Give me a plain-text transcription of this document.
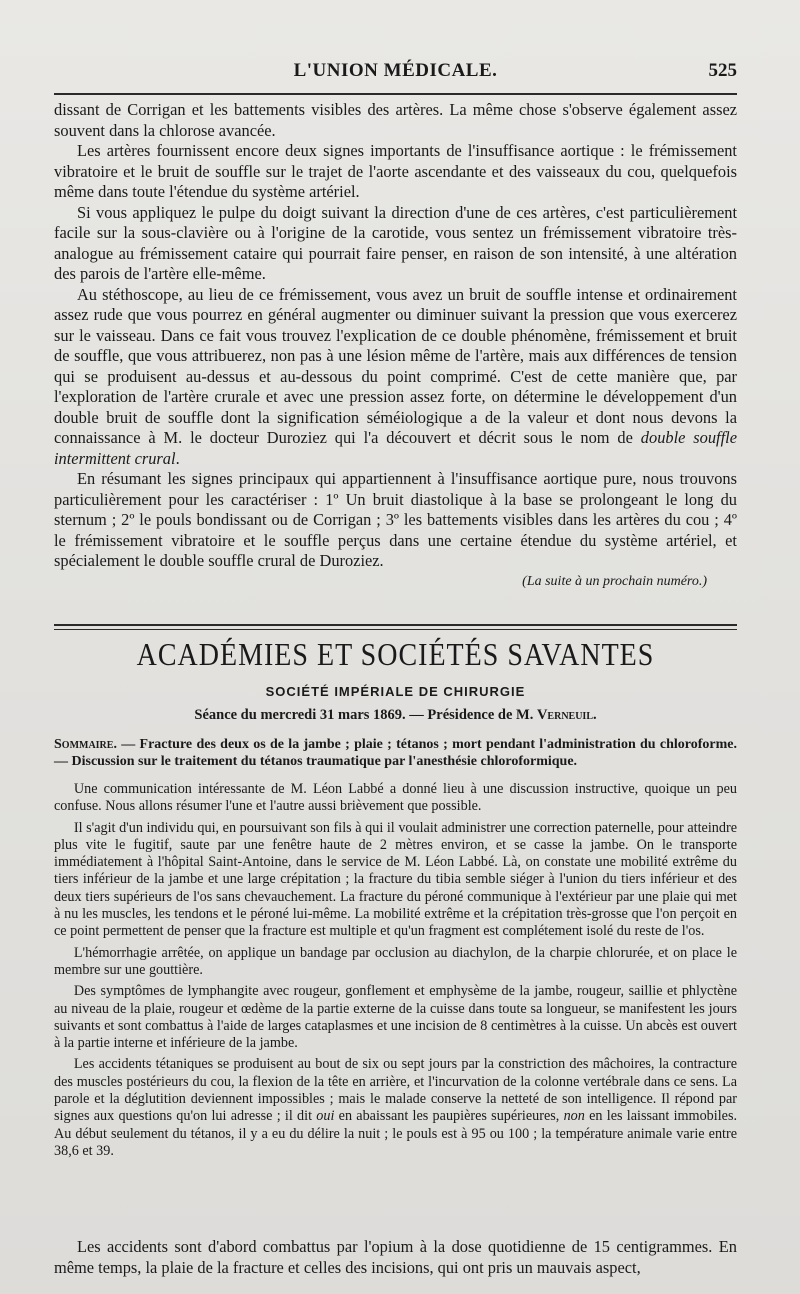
L'UNION MÉDICALE.	525

dissant de Corrigan et les battements visibles des artères. La même chose s'observe également assez souvent dans la chlorose avancée.

Les artères fournissent encore deux signes importants de l'insuffisance aortique : le frémissement vibratoire et le bruit de souffle sur le trajet de l'aorte ascendante et des vaisseaux du cou, quelquefois même dans toute l'étendue du système artériel.

Si vous appliquez le pulpe du doigt suivant la direction d'une de ces artères, c'est particulièrement facile sur la sous-clavière ou à l'origine de la carotide, vous sentez un frémissement vibratoire très-analogue au frémissement cataire qui pourrait faire penser, en raison de son intensité, à une altération des parois de l'artère elle-même.

Au stéthoscope, au lieu de ce frémissement, vous avez un bruit de souffle intense et ordinairement assez rude que vous pourrez en général augmenter ou diminuer suivant la pression que vous exercerez sur le vaisseau. Dans ce fait vous trouvez l'explication de ce double phénomène, frémissement et bruit de souffle, que vous attribuerez, non pas à une lésion même de l'artère, mais aux différences de tension qui se produisent au-dessus et au-dessous du point comprimé. C'est de cette manière que, par l'exploration de l'artère crurale et avec une pression assez forte, on détermine le développement d'un double bruit de souffle dont la signification séméiologique a de la valeur et dont nous devons la connaissance à M. le docteur Duroziez qui l'a découvert et décrit sous le nom de double souffle intermittent crural.

En résumant les signes principaux qui appartiennent à l'insuffisance aortique pure, nous trouvons particulièrement pour les caractériser : 1º Un bruit diastolique à la base se prolongeant le long du sternum ; 2º le pouls bondissant ou de Corrigan ; 3º les battements visibles dans les artères du cou ; 4º le frémissement vibratoire et le souffle perçus dans une certaine étendue du système artériel, et spécialement le double souffle crural de Duroziez.

(La suite à un prochain numéro.)
ACADÉMIES ET SOCIÉTÉS SAVANTES
SOCIÉTÉ IMPÉRIALE DE CHIRURGIE
Séance du mercredi 31 mars 1869. — Présidence de M. Verneuil.
Sommaire. — Fracture des deux os de la jambe ; plaie ; tétanos ; mort pendant l'administration du chloroforme. — Discussion sur le traitement du tétanos traumatique par l'anesthésie chloroformique.

Une communication intéressante de M. Léon Labbé a donné lieu à une discussion instructive, quoique un peu confuse. Nous allons résumer l'une et l'autre aussi brièvement que possible.

Il s'agit d'un individu qui, en poursuivant son fils à qui il voulait administrer une correction paternelle, pour atteindre plus vite le fugitif, saute par une fenêtre haute de 2 mètres environ, et se casse la jambe. On le transporte immédiatement à l'hôpital Saint-Antoine, dans le service de M. Léon Labbé. Là, on constate une mobilité extrême du tiers inférieur de la jambe et une large crépitation ; la fracture du tibia semble siéger à l'union du tiers inférieur et des deux tiers supérieurs de l'os sans chevauchement. La fracture du péroné communique à l'extérieur par une plaie qui met à nu les muscles, les tendons et le péroné lui-même. La mobilité extrême et la crépitation très-grosse que l'on perçoit en ce point permettent de penser que la fracture est multiple et qu'un fragment est complétement isolé du reste de l'os.

L'hémorrhagie arrêtée, on applique un bandage par occlusion au diachylon, de la charpie chlorurée, et on place le membre sur une gouttière.

Des symptômes de lymphangite avec rougeur, gonflement et emphysème de la jambe, rougeur, saillie et phlyctène au niveau de la plaie, rougeur et œdème de la partie externe de la cuisse dans toute sa longueur, se manifestent les jours suivants et sont combattus à l'aide de larges cataplasmes et une incision de 8 centimètres à la cuisse. Un abcès est ouvert à la partie interne et inférieure de la jambe.

Les accidents tétaniques se produisent au bout de six ou sept jours par la constriction des mâchoires, la contracture des muscles postérieurs du cou, la flexion de la tête en arrière, et l'incurvation de la colonne vertébrale dans ce sens. La parole et la déglutition deviennent impossibles ; mais le malade conserve la netteté de son intelligence. Il répond par signes aux questions qu'on lui adresse ; il dit oui en abaissant les paupières supérieures, non en les laissant immobiles. Au début seulement du tétanos, il y a eu du délire la nuit ; le pouls est à 95 ou 100 ; la température animale varie entre 38,6 et 39.

Les accidents sont d'abord combattus par l'opium à la dose quotidienne de 15 centigrammes. En même temps, la plaie de la fracture et celles des incisions, qui ont pris un mauvais aspect,
